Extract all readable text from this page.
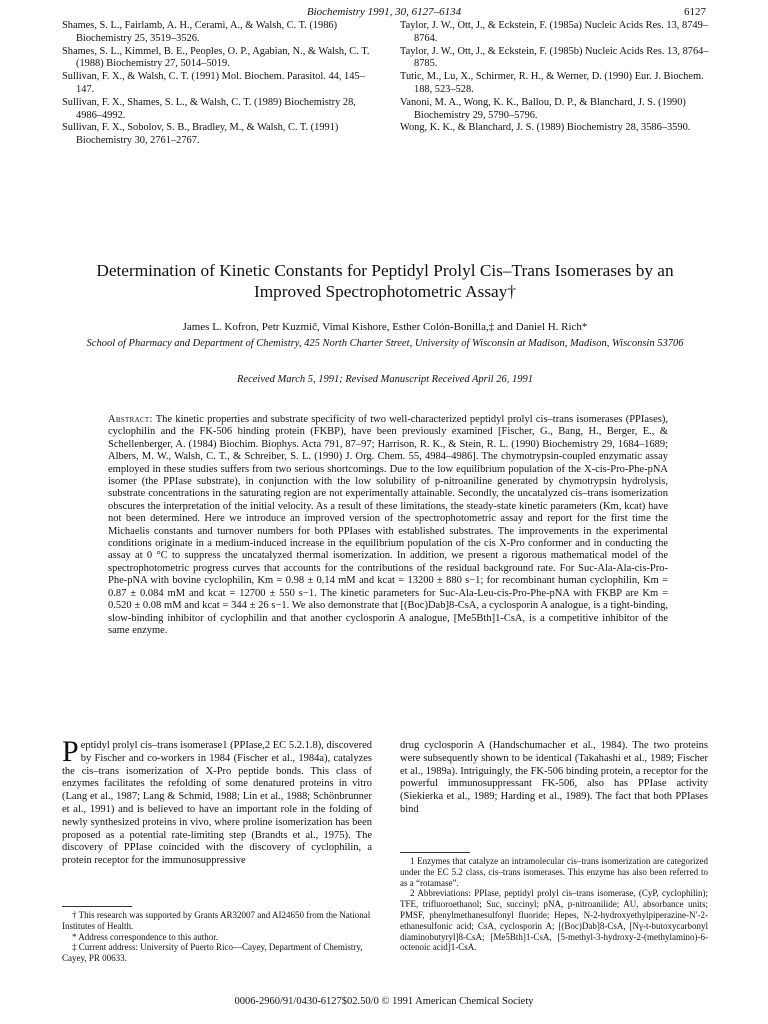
Biochemistry 1991, 30, 6127–6134	6127

Shames, S. L., Fairlamb, A. H., Cerami, A., & Walsh, C. T. (1986) Biochemistry 25, 3519–3526.

Shames, S. L., Kimmel, B. E., Peoples, O. P., Agabian, N., & Walsh, C. T. (1988) Biochemistry 27, 5014–5019.

Sullivan, F. X., & Walsh, C. T. (1991) Mol. Biochem. Parasitol. 44, 145–147.

Sullivan, F. X., Shames, S. L., & Walsh, C. T. (1989) Biochemistry 28, 4986–4992.

Sullivan, F. X., Sobolov, S. B., Bradley, M., & Walsh, C. T. (1991) Biochemistry 30, 2761–2767.

Taylor, J. W., Ott, J., & Eckstein, F. (1985a) Nucleic Acids Res. 13, 8749–8764.

Taylor, J. W., Ott, J., & Eckstein, F. (1985b) Nucleic Acids Res. 13, 8764–8785.

Tutic, M., Lu, X., Schirmer, R. H., & Werner, D. (1990) Eur. J. Biochem. 188, 523–528.

Vanoni, M. A., Wong, K. K., Ballou, D. P., & Blanchard, J. S. (1990) Biochemistry 29, 5790–5796.

Wong, K. K., & Blanchard, J. S. (1989) Biochemistry 28, 3586–3590.

Determination of Kinetic Constants for Peptidyl Prolyl Cis–Trans Isomerases by an Improved Spectrophotometric Assay†
James L. Kofron, Petr Kuzmič, Vimal Kishore, Esther Colón-Bonilla,‡ and Daniel H. Rich*
School of Pharmacy and Department of Chemistry, 425 North Charter Street, University of Wisconsin at Madison, Madison, Wisconsin 53706
Received March 5, 1991; Revised Manuscript Received April 26, 1991
Abstract: The kinetic properties and substrate specificity of two well-characterized peptidyl prolyl cis–trans isomerases (PPIases), cyclophilin and the FK-506 binding protein (FKBP), have been previously examined [Fischer, G., Bang, H., Berger, E., & Schellenberger, A. (1984) Biochim. Biophys. Acta 791, 87–97; Harrison, R. K., & Stein, R. L. (1990) Biochemistry 29, 1684–1689; Albers, M. W., Walsh, C. T., & Schreiber, S. L. (1990) J. Org. Chem. 55, 4984–4986]. The chymotrypsin-coupled enzymatic assay employed in these studies suffers from two serious shortcomings. Due to the low equilibrium population of the X-cis-Pro-Phe-pNA isomer (the PPIase substrate), in conjunction with the low solubility of p-nitroaniline generated by chymotrypsin hydrolysis, substrate concentrations in the saturating region are not experimentally attainable. Secondly, the uncatalyzed cis–trans isomerization obscures the interpretation of the initial velocity. As a result of these limitations, the steady-state kinetic parameters (Km, kcat) have not been determined. Here we introduce an improved version of the spectrophotometric assay and report for the first time the Michaelis constants and turnover numbers for both PPIases with established substrates. The improvements in the experimental conditions originate in a medium-induced increase in the equilibrium population of the cis X-Pro conformer and in conducting the assay at 0 °C to suppress the uncatalyzed thermal isomerization. In addition, we present a rigorous mathematical model of the spectrophotometric progress curves that accounts for the contributions of the residual background rate. For Suc-Ala-Ala-cis-Pro-Phe-pNA with bovine cyclophilin, Km = 0.98 ± 0.14 mM and kcat = 13200 ± 880 s−1; for recombinant human cyclophilin, Km = 0.87 ± 0.084 mM and kcat = 12700 ± 550 s−1. The kinetic parameters for Suc-Ala-Leu-cis-Pro-Phe-pNA with FKBP are Km = 0.520 ± 0.08 mM and kcat = 344 ± 26 s−1. We also demonstrate that [(Boc)Dab]8-CsA, a cyclosporin A analogue, is a tight-binding, slow-binding inhibitor of cyclophilin and that another cyclosporin A analogue, [Me5Bth]1-CsA, is a competitive inhibitor of the same enzyme.
P eptidyl prolyl cis–trans isomerase1 (PPIase,2 EC 5.2.1.8), discovered by Fischer and co-workers in 1984 (Fischer et al., 1984a), catalyzes the cis–trans isomerization of X-Pro peptide bonds. This class of enzymes facilitates the refolding of some denatured proteins in vitro (Lang et al., 1987; Lang & Schmid, 1988; Lin et al., 1988; Schönbrunner et al., 1991) and is believed to have an important role in the folding of newly synthesized proteins in vivo, where proline isomerization has been proposed as a potential rate-limiting step (Brandts et al., 1975). The discovery of PPIase coincided with the discovery of cyclophilin, a protein receptor for the immunosuppressive
drug cyclosporin A (Handschumacher et al., 1984). The two proteins were subsequently shown to be identical (Takahashi et al., 1989; Fischer et al., 1989a). Intriguingly, the FK-506 binding protein, a receptor for the powerful immunosuppressant FK-506, also has PPIase activity (Siekierka et al., 1989; Harding et al., 1989). The fact that both PPIases bind

† This research was supported by Grants AR32007 and AI24650 from the National Institutes of Health.

* Address correspondence to this author.

‡ Current address: University of Puerto Rico—Cayey, Department of Chemistry, Cayey, PR 00633.

1 Enzymes that catalyze an intramolecular cis–trans isomerization are categorized under the EC 5.2 class, cis–trans isomerases. This enzyme has also been referred to as a “rotamase”.

2 Abbreviations: PPIase, peptidyl prolyl cis–trans isomerase, (CyP, cyclophilin); TFE, trifluoroethanol; Suc, succinyl; pNA, p-nitroanilide; AU, absorbance units; PMSF, phenylmethanesulfonyl fluoride; Hepes, N-2-hydroxyethylpiperazine-N′-2-ethanesulfonic acid; CsA, cyclosporin A; [(Boc)Dab]8-CsA, [Nγ-t-butoxycarbonyl diaminobutyryl]8-CsA; [Me5Bth]1-CsA, [5-methyl-3-hydroxy-2-(methylamino)-6-octenoic acid]1-CsA.

0006-2960/91/0430-6127$02.50/0 © 1991 American Chemical Society
